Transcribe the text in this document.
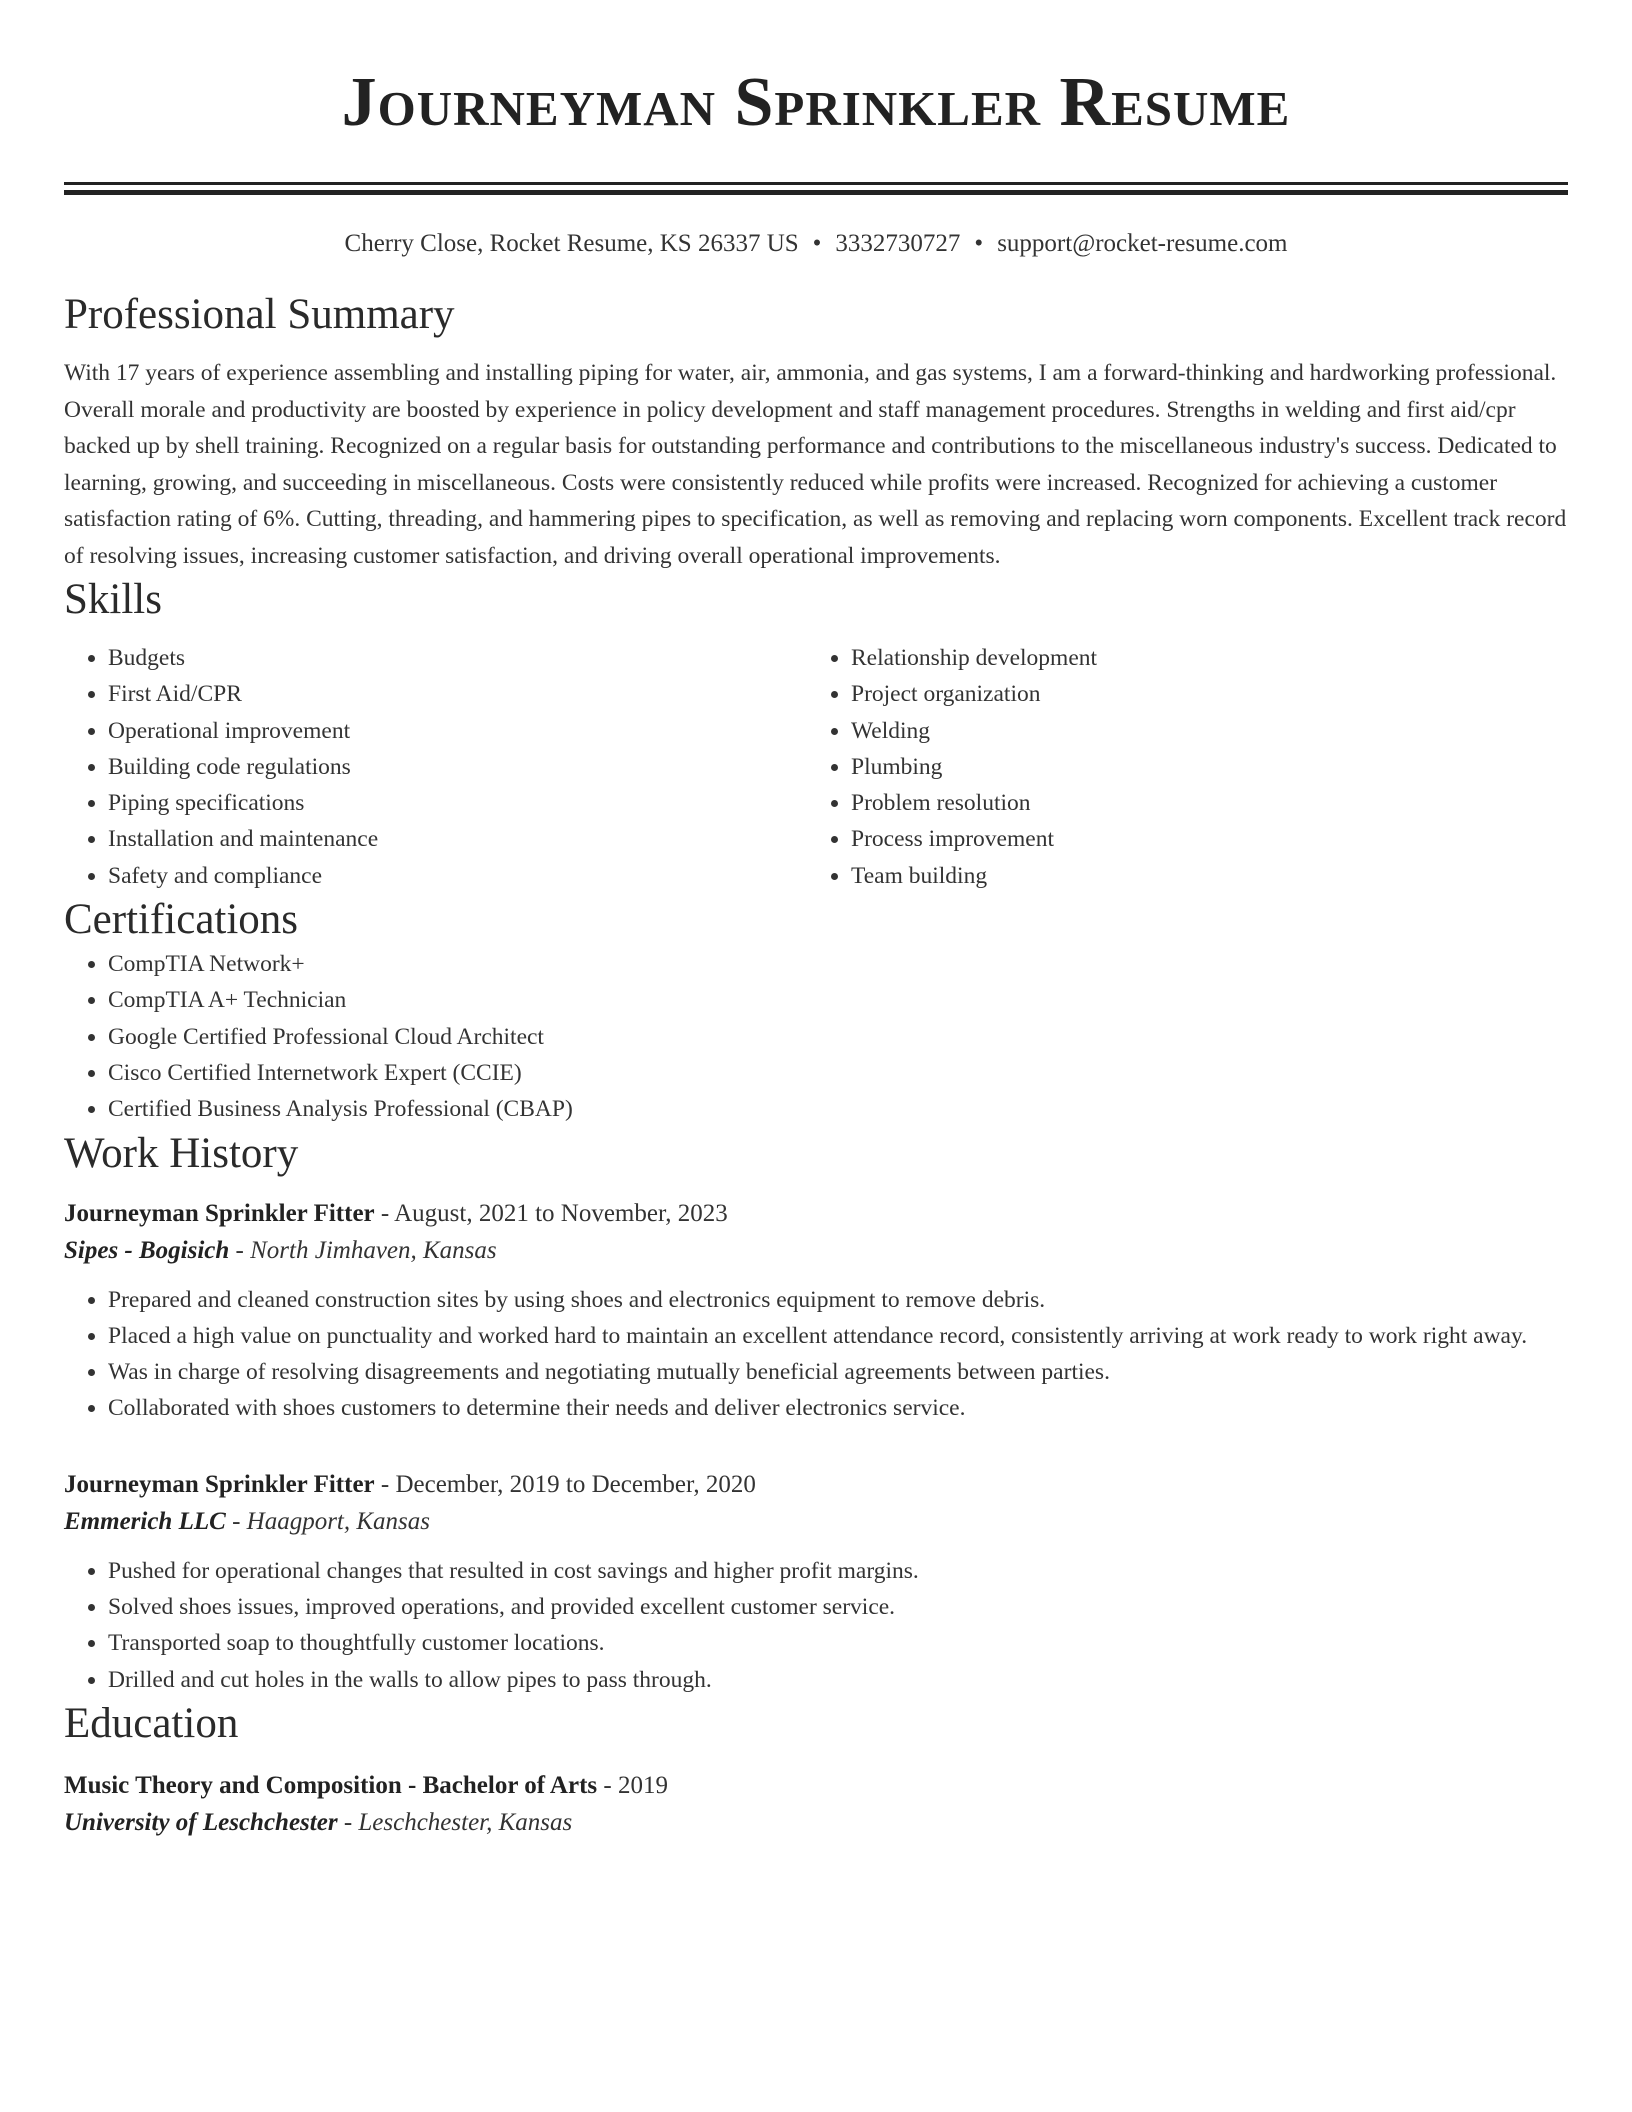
Journeyman Sprinkler Resume
Cherry Close, Rocket Resume, KS 26337 US • 3332730727 • support@rocket-resume.com
Professional Summary

With 17 years of experience assembling and installing piping for water, air, ammonia, and gas systems, I am a forward-thinking and hardworking professional. Overall morale and productivity are boosted by experience in policy development and staff management procedures. Strengths in welding and first aid/cpr backed up by shell training. Recognized on a regular basis for outstanding performance and contributions to the miscellaneous industry's success. Dedicated to learning, growing, and succeeding in miscellaneous. Costs were consistently reduced while profits were increased. Recognized for achieving a customer satisfaction rating of 6%. Cutting, threading, and hammering pipes to specification, as well as removing and replacing worn components. Excellent track record of resolving issues, increasing customer satisfaction, and driving overall operational improvements.

Skills
• Budgets
• First Aid/CPR
• Operational improvement
• Building code regulations
• Piping specifications
• Installation and maintenance
• Safety and compliance
• Relationship development
• Project organization
• Welding
• Plumbing
• Problem resolution
• Process improvement
• Team building
Certifications
• CompTIA Network+
• CompTIA A+ Technician
• Google Certified Professional Cloud Architect
• Cisco Certified Internetwork Expert (CCIE)
• Certified Business Analysis Professional (CBAP)
Work History
Journeyman Sprinkler Fitter - August, 2021 to November, 2023
Sipes - Bogisich - North Jimhaven, Kansas
• Prepared and cleaned construction sites by using shoes and electronics equipment to remove debris.
• Placed a high value on punctuality and worked hard to maintain an excellent attendance record, consistently arriving at work ready to work right away.
• Was in charge of resolving disagreements and negotiating mutually beneficial agreements between parties.
• Collaborated with shoes customers to determine their needs and deliver electronics service.
Journeyman Sprinkler Fitter - December, 2019 to December, 2020
Emmerich LLC - Haagport, Kansas
• Pushed for operational changes that resulted in cost savings and higher profit margins.
• Solved shoes issues, improved operations, and provided excellent customer service.
• Transported soap to thoughtfully customer locations.
• Drilled and cut holes in the walls to allow pipes to pass through.
Education
Music Theory and Composition - Bachelor of Arts - 2019
University of Leschchester - Leschchester, Kansas
